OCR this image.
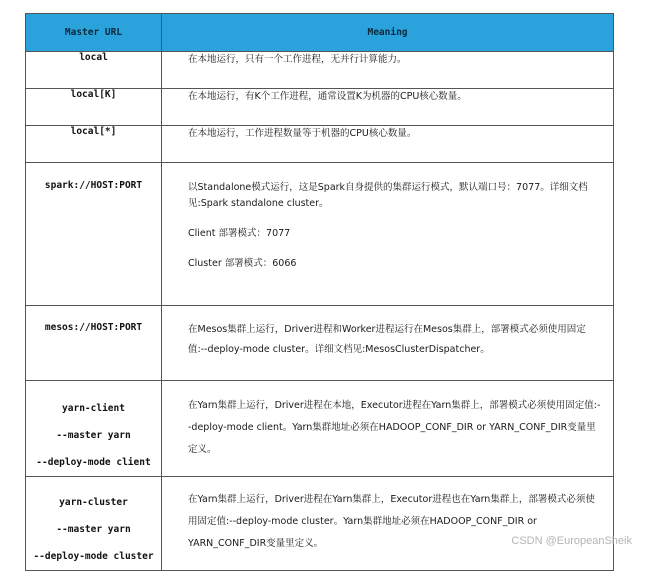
Master URL	Meaning

local	在本地运行，只有一个工作进程，无并行计算能力。

local[K]	在本地运行，有K个工作进程，通常设置K为机器的CPU核心数量。

local[*]	在本地运行，工作进程数量等于机器的CPU核心数量。

spark://HOST:PORT	以Standalone模式运行，这是Spark自身提供的集群运行模式，默认端口号：7077。详细文档见:Spark standalone cluster。

Client 部署模式：7077

Cluster 部署模式：6066

mesos://HOST:PORT	在Mesos集群上运行，Driver进程和Worker进程运行在Mesos集群上，部署模式必须使用固定值:--deploy-mode cluster。详细文档见:MesosClusterDispatcher。

yarn-client
--master yarn
--deploy-mode client	在Yarn集群上运行，Driver进程在本地，Executor进程在Yarn集群上，部署模式必须使用固定值:--deploy-mode client。Yarn集群地址必须在HADOOP_CONF_DIR or YARN_CONF_DIR变量里定义。

yarn-cluster
--master yarn
--deploy-mode cluster	在Yarn集群上运行，Driver进程在Yarn集群上，Executor进程也在Yarn集群上，部署模式必须使用固定值:--deploy-mode cluster。Yarn集群地址必须在HADOOP_CONF_DIR or YARN_CONF_DIR变量里定义。	CSDN @EuropeanSheik
